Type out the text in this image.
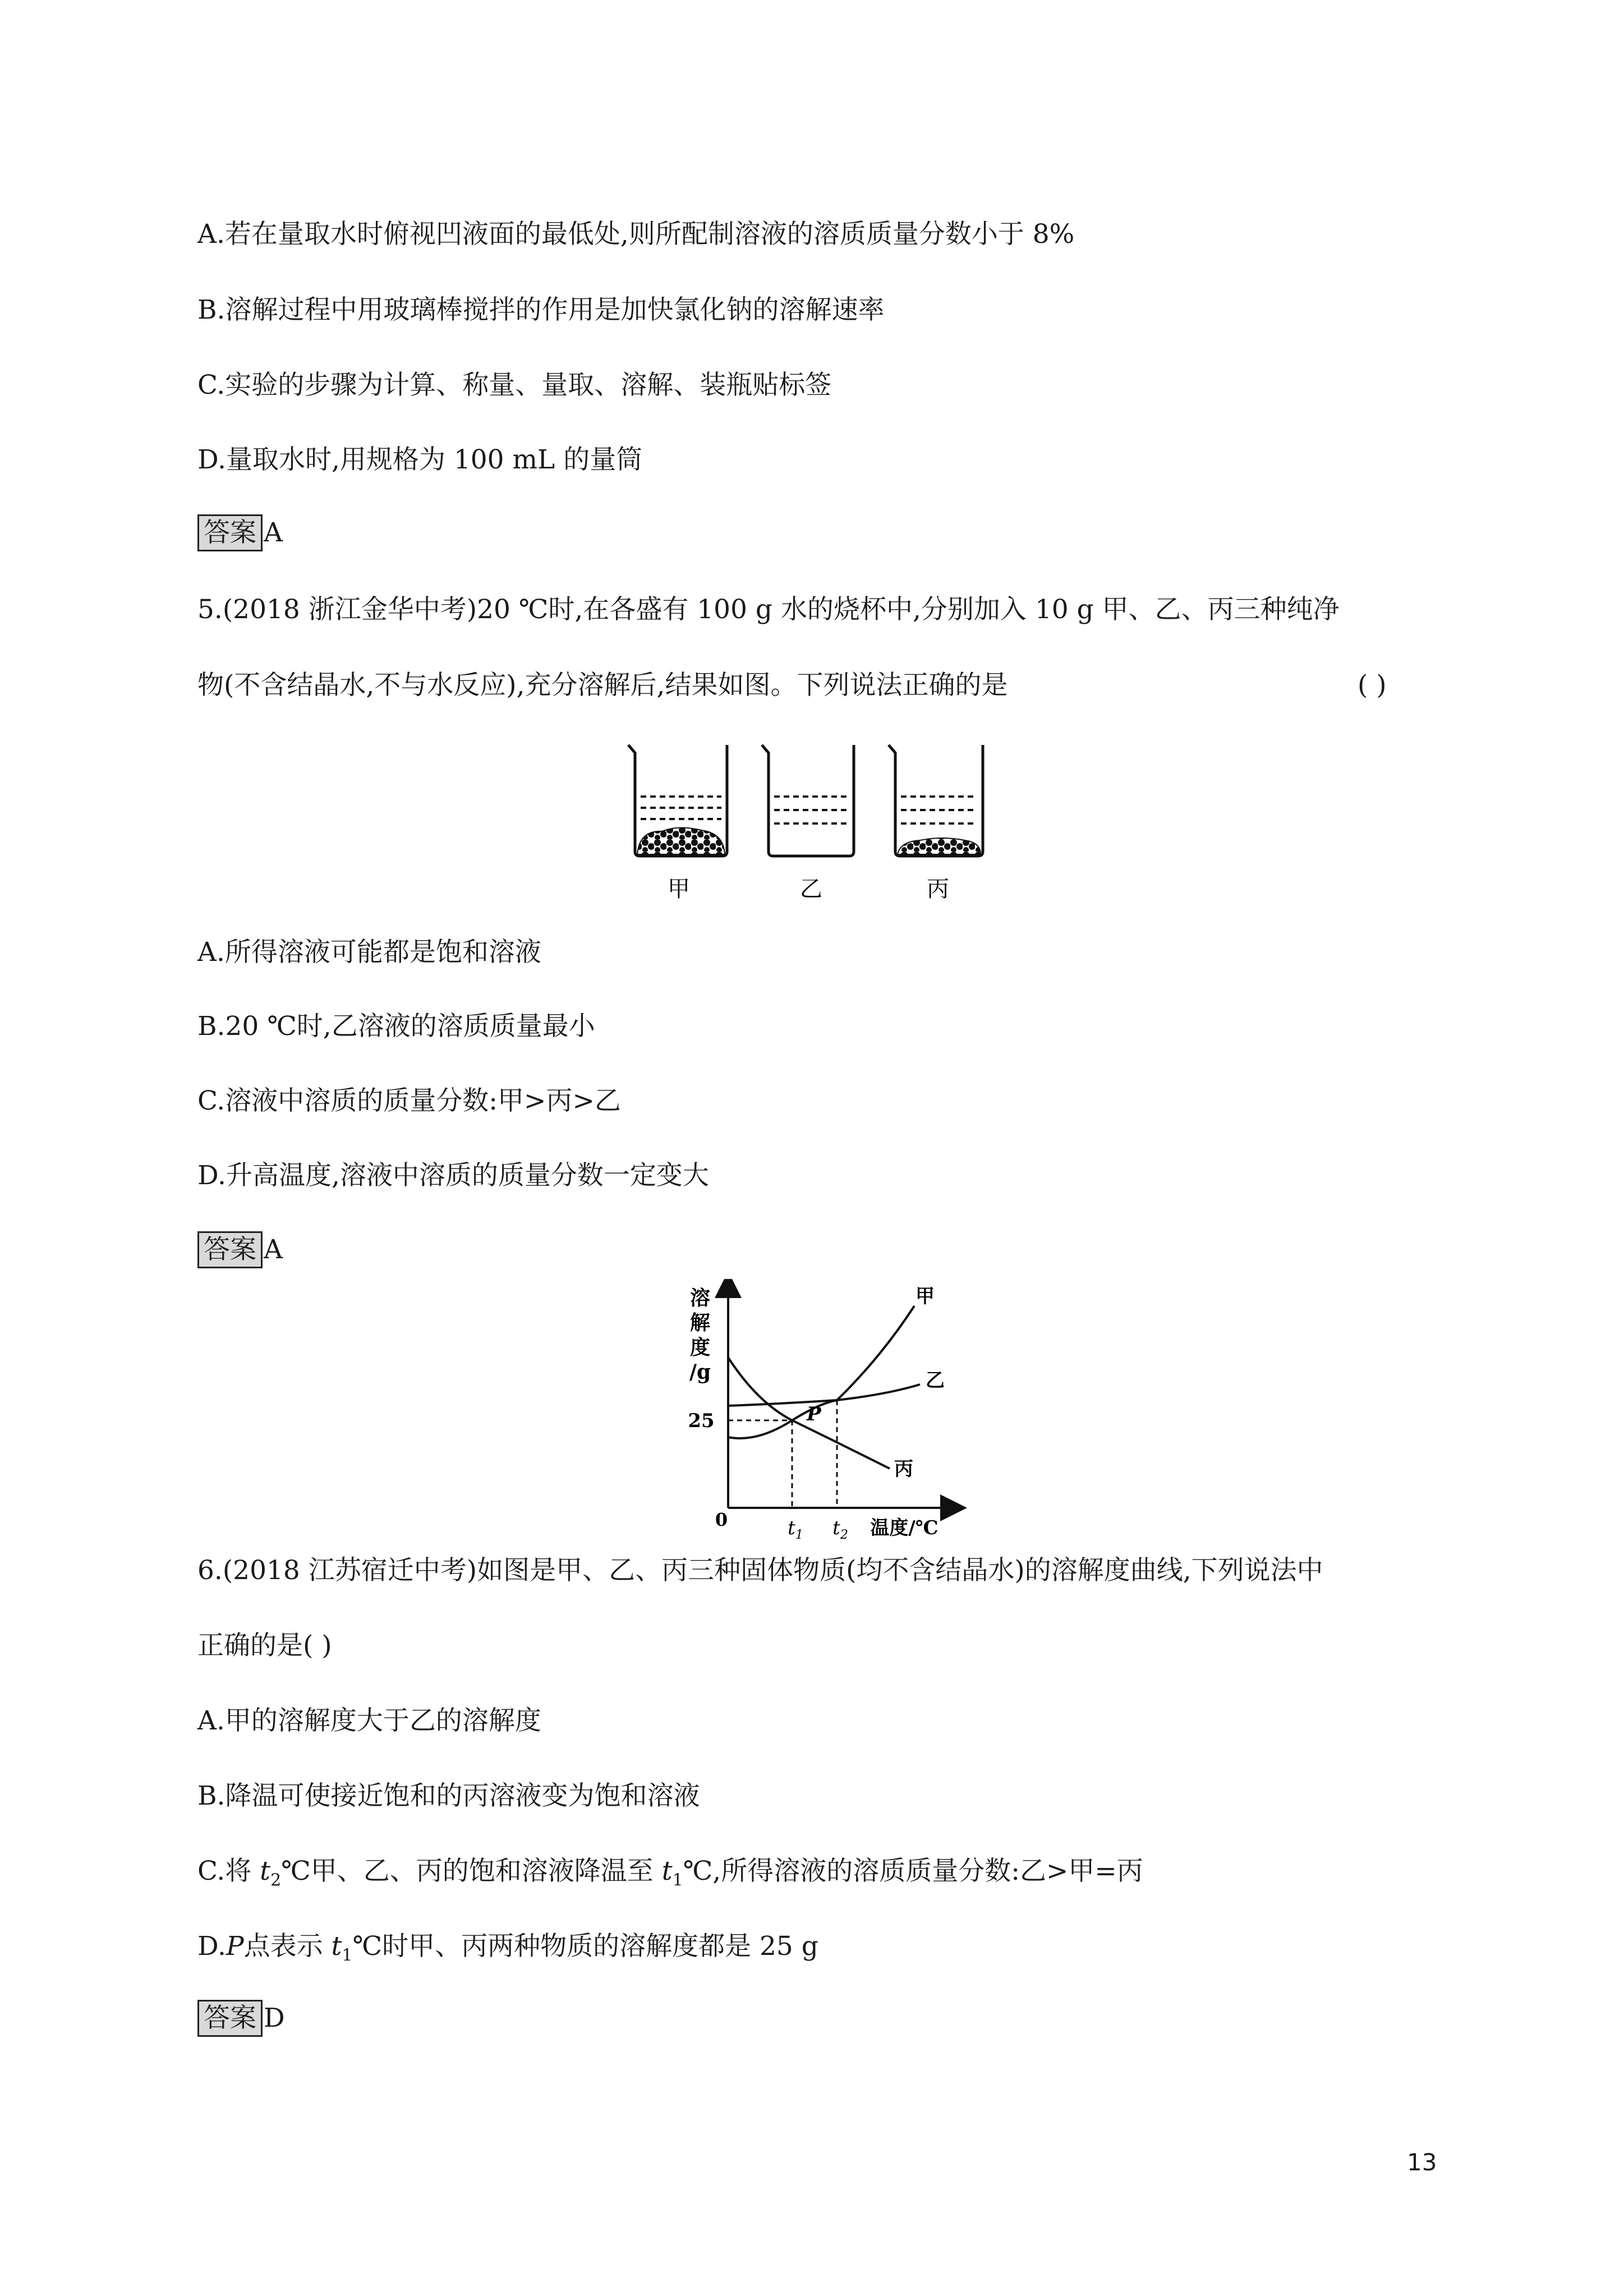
A.若在量取水时俯视凹液面的最低处,则所配制溶液的溶质质量分数小于 8%
B.溶解过程中用玻璃棒搅拌的作用是加快氯化钠的溶解速率
C.实验的步骤为计算、称量、量取、溶解、装瓶贴标签
D.量取水时,用规格为 100 mL 的量筒
答案 A
5.(2018 浙江金华中考)20 ℃时,在各盛有 100 g 水的烧杯中,分别加入 10 g 甲、乙、丙三种纯净
物(不含结晶水,不与水反应),充分溶解后,结果如图。下列说法正确的是	( )
甲	乙	丙
A.所得溶液可能都是饱和溶液
B.20 ℃时,乙溶液的溶质质量最小
C.溶液中溶质的质量分数:甲>丙>乙
D.升高温度,溶液中溶质的质量分数一定变大
答案 A
溶
解
度
/g
25
0	$t_1$ $t_2$ 温度/℃
P
甲
乙
丙
6.(2018 江苏宿迁中考)如图是甲、乙、丙三种固体物质(均不含结晶水)的溶解度曲线,下列说法中
正确的是( )
A.甲的溶解度大于乙的溶解度
B.降温可使接近饱和的丙溶液变为饱和溶液
C.将 $t_2℃$甲、乙、丙的饱和溶液降温至 $t_1℃$,所得溶液的溶质质量分数:乙>甲=丙
D.P点表示 $t_1℃$时甲、丙两种物质的溶解度都是 25 g
答案 D
13
